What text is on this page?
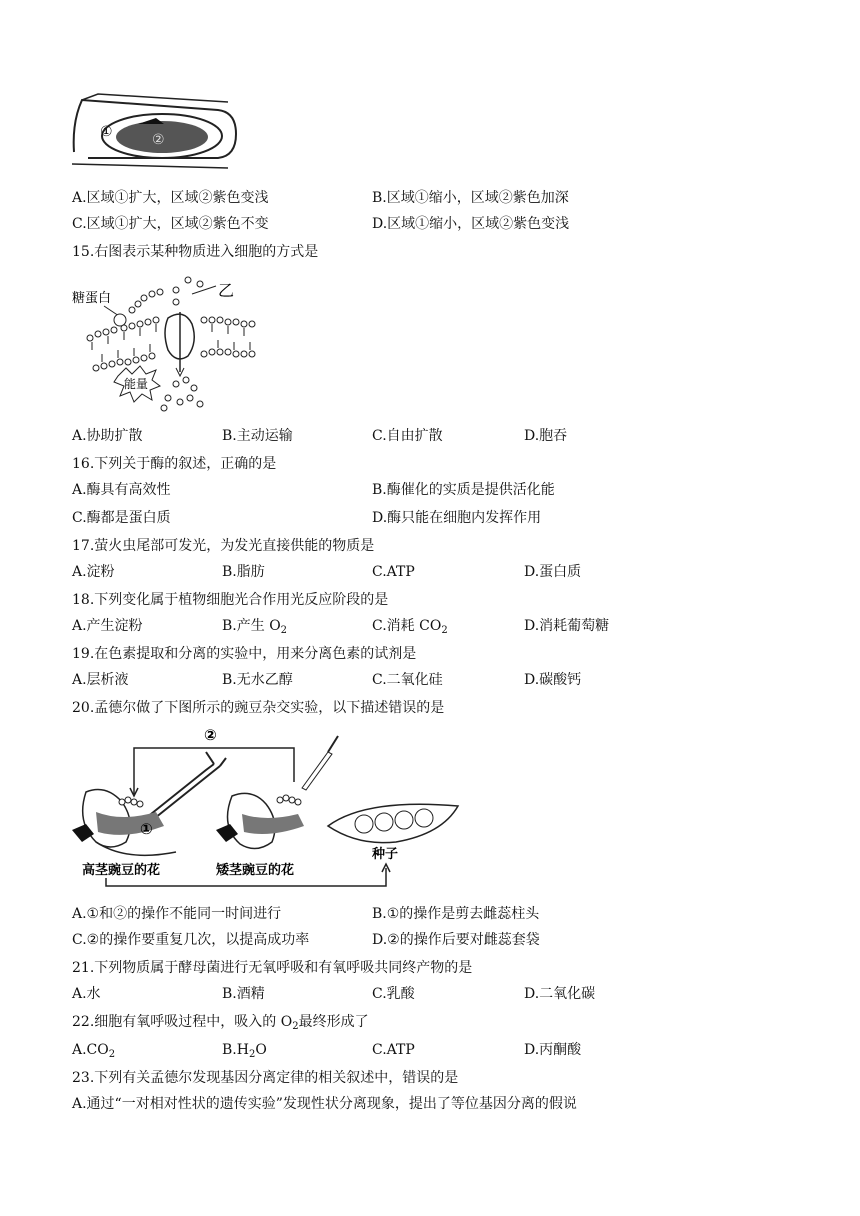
①	②
A.区域①扩大，区域②紫色变浅	B.区域①缩小，区域②紫色加深
C.区域①扩大，区域②紫色不变	D.区域①缩小，区域②紫色变浅
15.右图表示某种物质进入细胞的方式是
糖蛋白	乙
能量
A.协助扩散	B.主动运输	C.自由扩散	D.胞吞
16.下列关于酶的叙述，正确的是
A.酶具有高效性	B.酶催化的实质是提供活化能
C.酶都是蛋白质	D.酶只能在细胞内发挥作用
17.萤火虫尾部可发光，为发光直接供能的物质是
A.淀粉	B.脂肪	C.ATP	D.蛋白质
18.下列变化属于植物细胞光合作用光反应阶段的是
A.产生淀粉	B.产生 $O_2$	C.消耗 $CO_2$	D.消耗葡萄糖
19.在色素提取和分离的实验中，用来分离色素的试剂是
A.层析液	B.无水乙醇	C.二氧化硅	D.碳酸钙
20.孟德尔做了下图所示的豌豆杂交实验，以下描述错误的是
②
①
高茎豌豆的花	矮茎豌豆的花
种子
A.①和②的操作不能同一时间进行	B.①的操作是剪去雌蕊柱头
C.②的操作要重复几次，以提高成功率	D.②的操作后要对雌蕊套袋
21.下列物质属于酵母菌进行无氧呼吸和有氧呼吸共同终产物的是
A.水	B.酒精	C.乳酸	D.二氧化碳
22.细胞有氧呼吸过程中，吸入的 $O_2$最终形成了
$A.CO_2$	$B.H_2O$	C.ATP	D.丙酮酸
23.下列有关孟德尔发现基因分离定律的相关叙述中，错误的是
A.通过“一对相对性状的遗传实验”发现性状分离现象，提出了等位基因分离的假说
